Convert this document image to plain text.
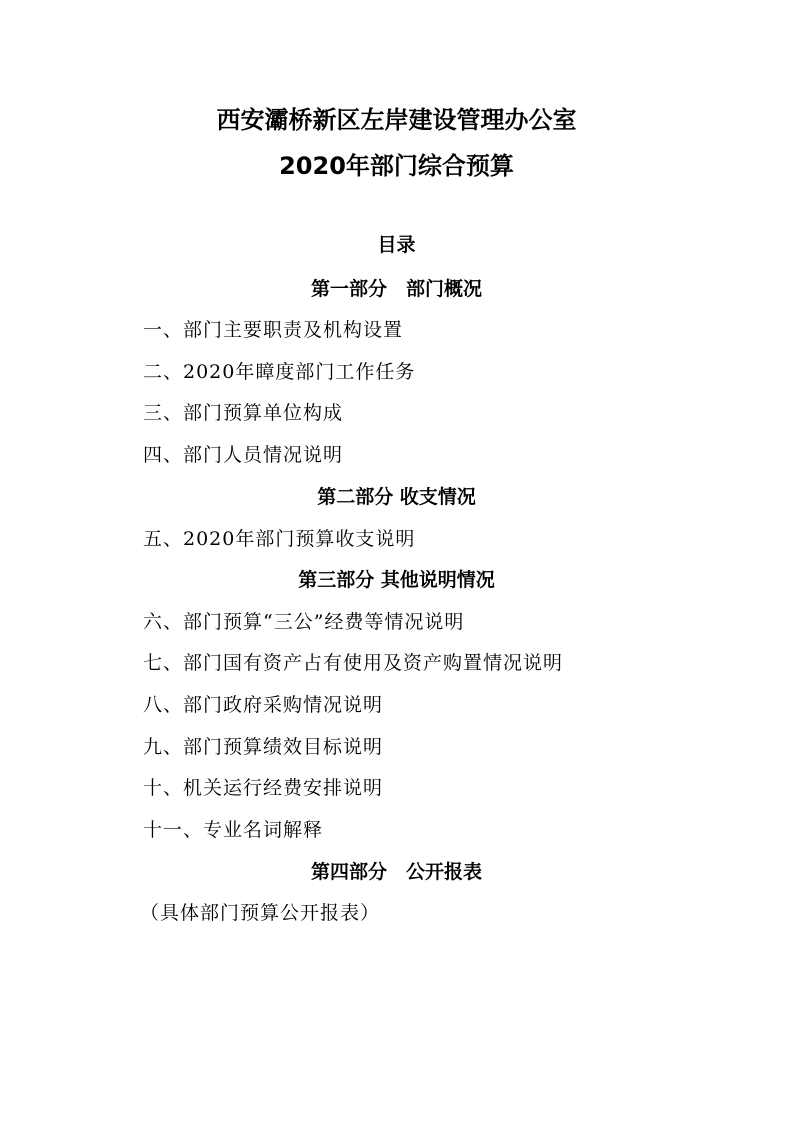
西安灞桥新区左岸建设管理办公室
2020年部门综合预算
目录
第一部分　部门概况
一、部门主要职责及机构设置
二、2020年瞕度部门工作任务
三、部门预算单位构成
四、部门人员情况说明
第二部分 收支情况
五、2020年部门预算收支说明
第三部分 其他说明情况
六、部门预算“三公”经费等情况说明
七、部门国有资产占有使用及资产购置情况说明
八、部门政府采购情况说明
九、部门预算绩效目标说明
十、机关运行经费安排说明
十一、专业名词解释
第四部分　公开报表
（具体部门预算公开报表）
